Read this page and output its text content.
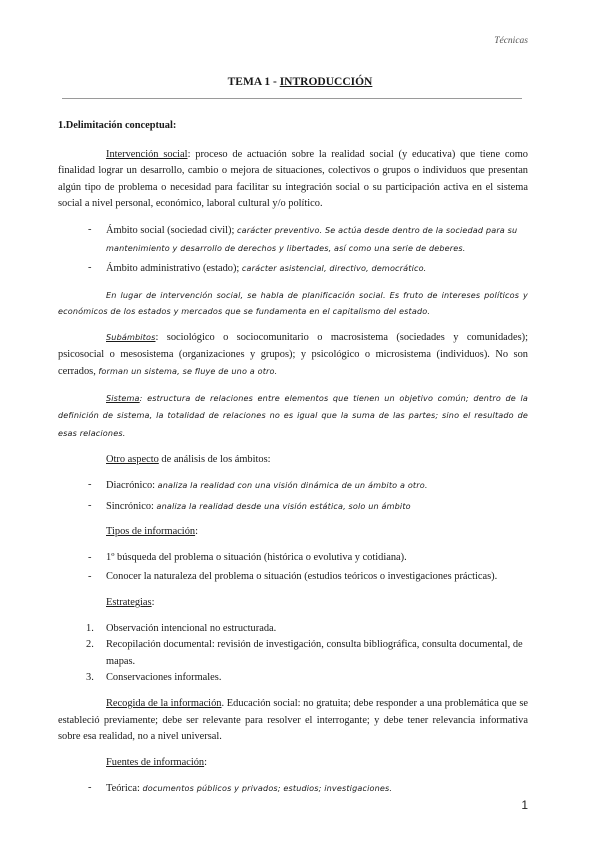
Técnicas
TEMA 1 - INTRODUCCIÓN
1.Delimitación conceptual:

Intervención social: proceso de actuación sobre la realidad social (y educativa) que tiene como finalidad lograr un desarrollo, cambio o mejora de situaciones, colectivos o grupos o individuos que presentan algún tipo de problema o necesidad para facilitar su integración social o su participación activa en el sistema social a nivel personal, económico, laboral cultural y/o político.

- Ámbito social (sociedad civil); carácter preventivo. Se actúa desde dentro de la sociedad para su mantenimiento y desarrollo de derechos y libertades, así como una serie de deberes.
- Ámbito administrativo (estado); carácter asistencial, directivo, democrático.

En lugar de intervención social, se habla de planificación social. Es fruto de intereses políticos y económicos de los estados y mercados que se fundamenta en el capitalismo del estado.

Subámbitos: sociológico o sociocomunitario o macrosistema (sociedades y comunidades); psicosocial o mesosistema (organizaciones y grupos); y psicológico o microsistema (individuos). No son cerrados, forman un sistema, se fluye de uno a otro.

Sistema: estructura de relaciones entre elementos que tienen un objetivo común; dentro de la definición de sistema, la totalidad de relaciones no es igual que la suma de las partes; sino el resultado de esas relaciones.

Otro aspecto de análisis de los ámbitos:

- Diacrónico: analiza la realidad con una visión dinámica de un ámbito a otro.
- Sincrónico: analiza la realidad desde una visión estática, solo un ámbito

Tipos de información:

- 1º búsqueda del problema o situación (histórica o evolutiva y cotidiana).
- Conocer la naturaleza del problema o situación (estudios teóricos o investigaciones prácticas).

Estrategias:

1. Observación intencional no estructurada.
2. Recopilación documental: revisión de investigación, consulta bibliográfica, consulta documental, de mapas.
3. Conservaciones informales.

Recogida de la información. Educación social: no gratuita; debe responder a una problemática que se estableció previamente; debe ser relevante para resolver el interrogante; y debe tener relevancia informativa sobre esa realidad, no a nivel universal.

Fuentes de información:

- Teórica: documentos públicos y privados; estudios; investigaciones.
1
